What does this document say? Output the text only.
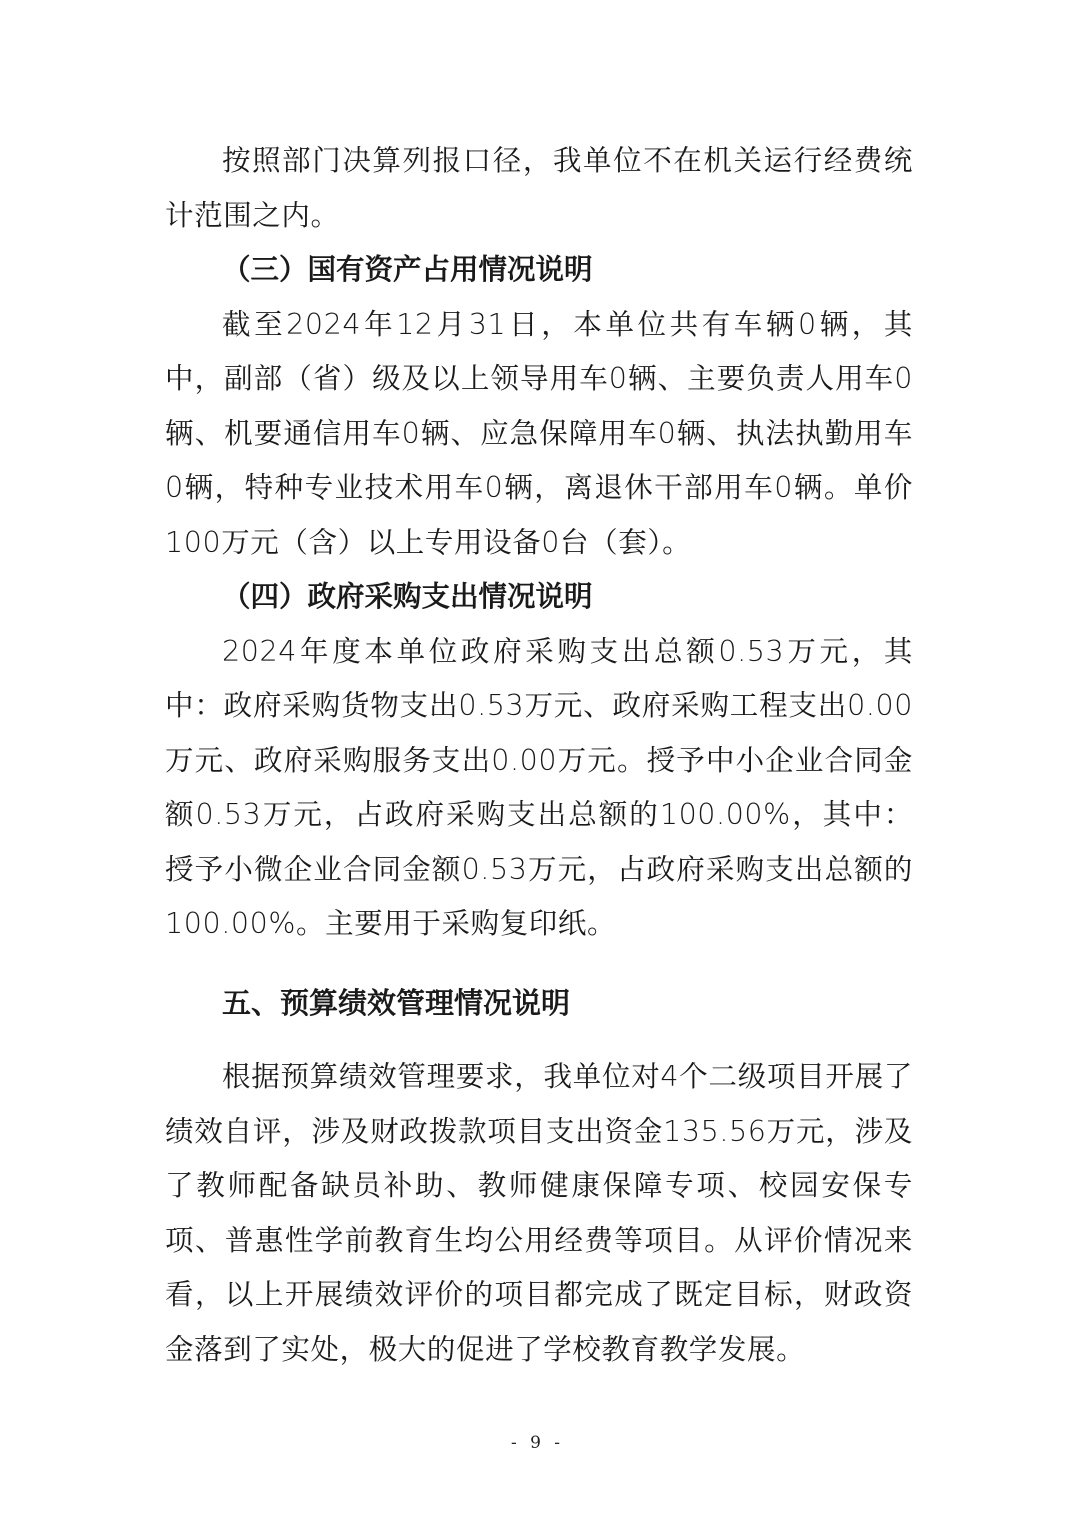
按照部门决算列报口径，我单位不在机关运行经费统计范围之内。

（三）国有资产占用情况说明

截至2024年12月31日，本单位共有车辆0辆，其中，副部（省）级及以上领导用车0辆、主要负责人用车0辆、机要通信用车0辆、应急保障用车0辆、执法执勤用车0辆，特种专业技术用车0辆，离退休干部用车0辆。单价100万元（含）以上专用设备0台（套）。

（四）政府采购支出情况说明

2024年度本单位政府采购支出总额0.53万元，其中：政府采购货物支出0.53万元、政府采购工程支出0.00万元、政府采购服务支出0.00万元。授予中小企业合同金额0.53万元，占政府采购支出总额的100.00%，其中：授予小微企业合同金额0.53万元，占政府采购支出总额的100.00%。主要用于采购复印纸。

五、预算绩效管理情况说明

根据预算绩效管理要求，我单位对4个二级项目开展了绩效自评，涉及财政拨款项目支出资金135.56万元，涉及了教师配备缺员补助、教师健康保障专项、校园安保专项、普惠性学前教育生均公用经费等项目。从评价情况来看，以上开展绩效评价的项目都完成了既定目标，财政资金落到了实处，极大的促进了学校教育教学发展。

- 9 -
